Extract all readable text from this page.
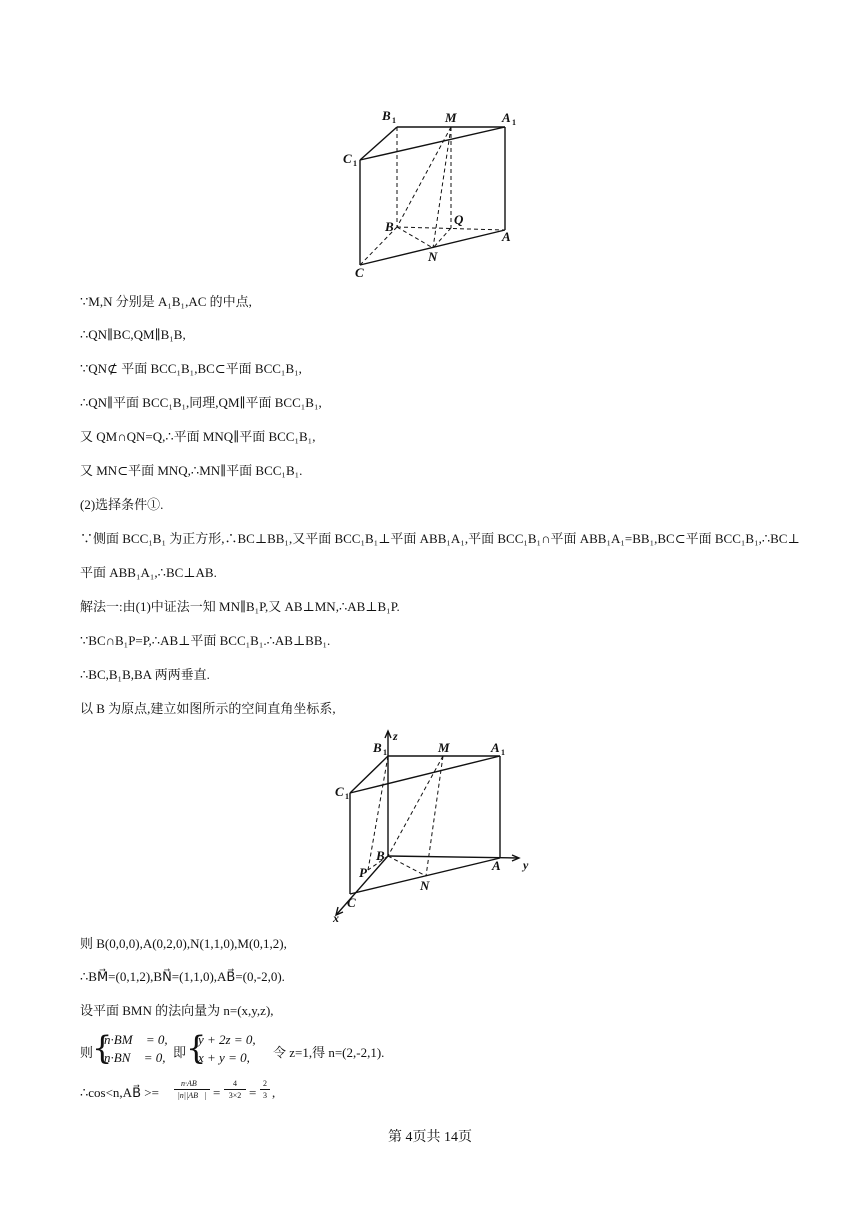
B 1	M	A 1
C 1
B	Q
A
N
C
∵M,N 分别是 A₁B₁,AC 的中点,
∴QN∥BC,QM∥B₁B,
∵QN⊄ 平面 BCC₁B₁,BC⊂平面 BCC₁B₁,
∴QN∥平面 BCC₁B₁,同理,QM∥平面 BCC₁B₁,
又 QM∩QN=Q,∴平面 MNQ∥平面 BCC₁B₁,
又 MN⊂平面 MNQ,∴MN∥平面 BCC₁B₁.
(2)选择条件①.
∵侧面 BCC₁B₁ 为正方形,∴BC⊥BB₁,又平面 BCC₁B₁⊥平面 ABB₁A₁,平面 BCC₁B₁∩平面 ABB₁A₁=BB₁,BC⊂平面 BCC₁B₁,∴BC⊥
平面 ABB₁A₁,∴BC⊥AB.
解法一:由(1)中证法一知 MN∥B₁P,又 AB⊥MN,∴AB⊥B₁P.
∵BC∩B₁P=P,∴AB⊥平面 BCC₁B₁.∴AB⊥BB₁.
∴BC,B₁B,BA 两两垂直.
以 B 为原点,建立如图所示的空间直角坐标系,
z
y
x
B 1	M	A 1
C 1
B
P	A
N
C
则 B(0,0,0),A(0,2,0),N(1,1,0),M(0,1,2),
∴BM⃗=(0,1,2),BN⃗=(1,1,0),AB⃗=(0,-2,0).
设平面 BMN 的法向量为 n=(x,y,z),
则
{
n·BM⃗ = 0,
n·BN⃗ = 0, 即 {
y + 2z = 0,
x + y = 0, 令 z=1,得 n=(2,-2,1).
∴cos<n,AB⃗ >= $\frac{n\cdot AB⃗}{|n||AB⃗|} = \frac{4}{3\times 2} = \frac{2}{3}$ ,
第 4页共 14页
